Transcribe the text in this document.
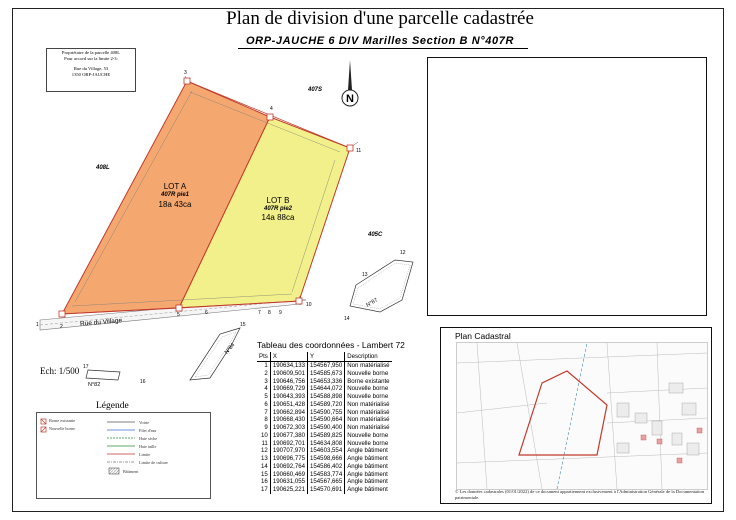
Plan de division d'une parcelle cadastrée
ORP-JAUCHE 6 DIV Marilles Section B N°407R
Propriétaire de la parcelle 408L
Pour accord sur la limite 2-3:
Rue du Village, 53
1350 ORP-JAUCHE
N
LOT A
407R pie1
18a 43ca	LOT B
407R pie2
14a 88ca
407S
408L
405C
N°87
N°84
N°82
Rue du Village
1	2
3
4
5	6	7 8 9
10
11
12
13
14
15
16
17
Ech: 1/500
Légende
Borne existante
Nouvelle borne
Voirie
Filet d'eau
Haie sèche
Haie taille
Limite
Limite de culture
Bâtiment
Tableau des coordonnées - Lambert 72
Pts	X	Y	Description
1	190634,133	154567,950	Non matérialisé
2	190609,501	154585,673	Nouvelle borne
3	190646,756	154653,336	Borne existante
4	190669,729	154644,072	Nouvelle borne
5	190643,393	154588,898	Nouvelle borne
6	190651,428	154589,720	Non matérialisé
7	190662,894	154590,755	Non matérialisé
8	190668,430	154590,664	Non matérialisé
9	190672,303	154590,400	Non matérialisé
10	190677,380	154589,825	Nouvelle borne
11	190692,701	154634,808	Nouvelle borne
12	190707,970	154603,554	Angle bâtiment
13	190696,775	154598,666	Angle bâtiment
14	190692,764	154586,402	Angle bâtiment
15	190660,469	154583,774	Angle bâtiment
16	190631,055	154567,665	Angle bâtiment
17	190625,221	154570,691	Angle bâtiment
Plan Cadastral
© Les données cadastrales (01/01/2022) de ce document appartiennent exclusivement à l'Administration Générale de la Documentation patrimoniale.
